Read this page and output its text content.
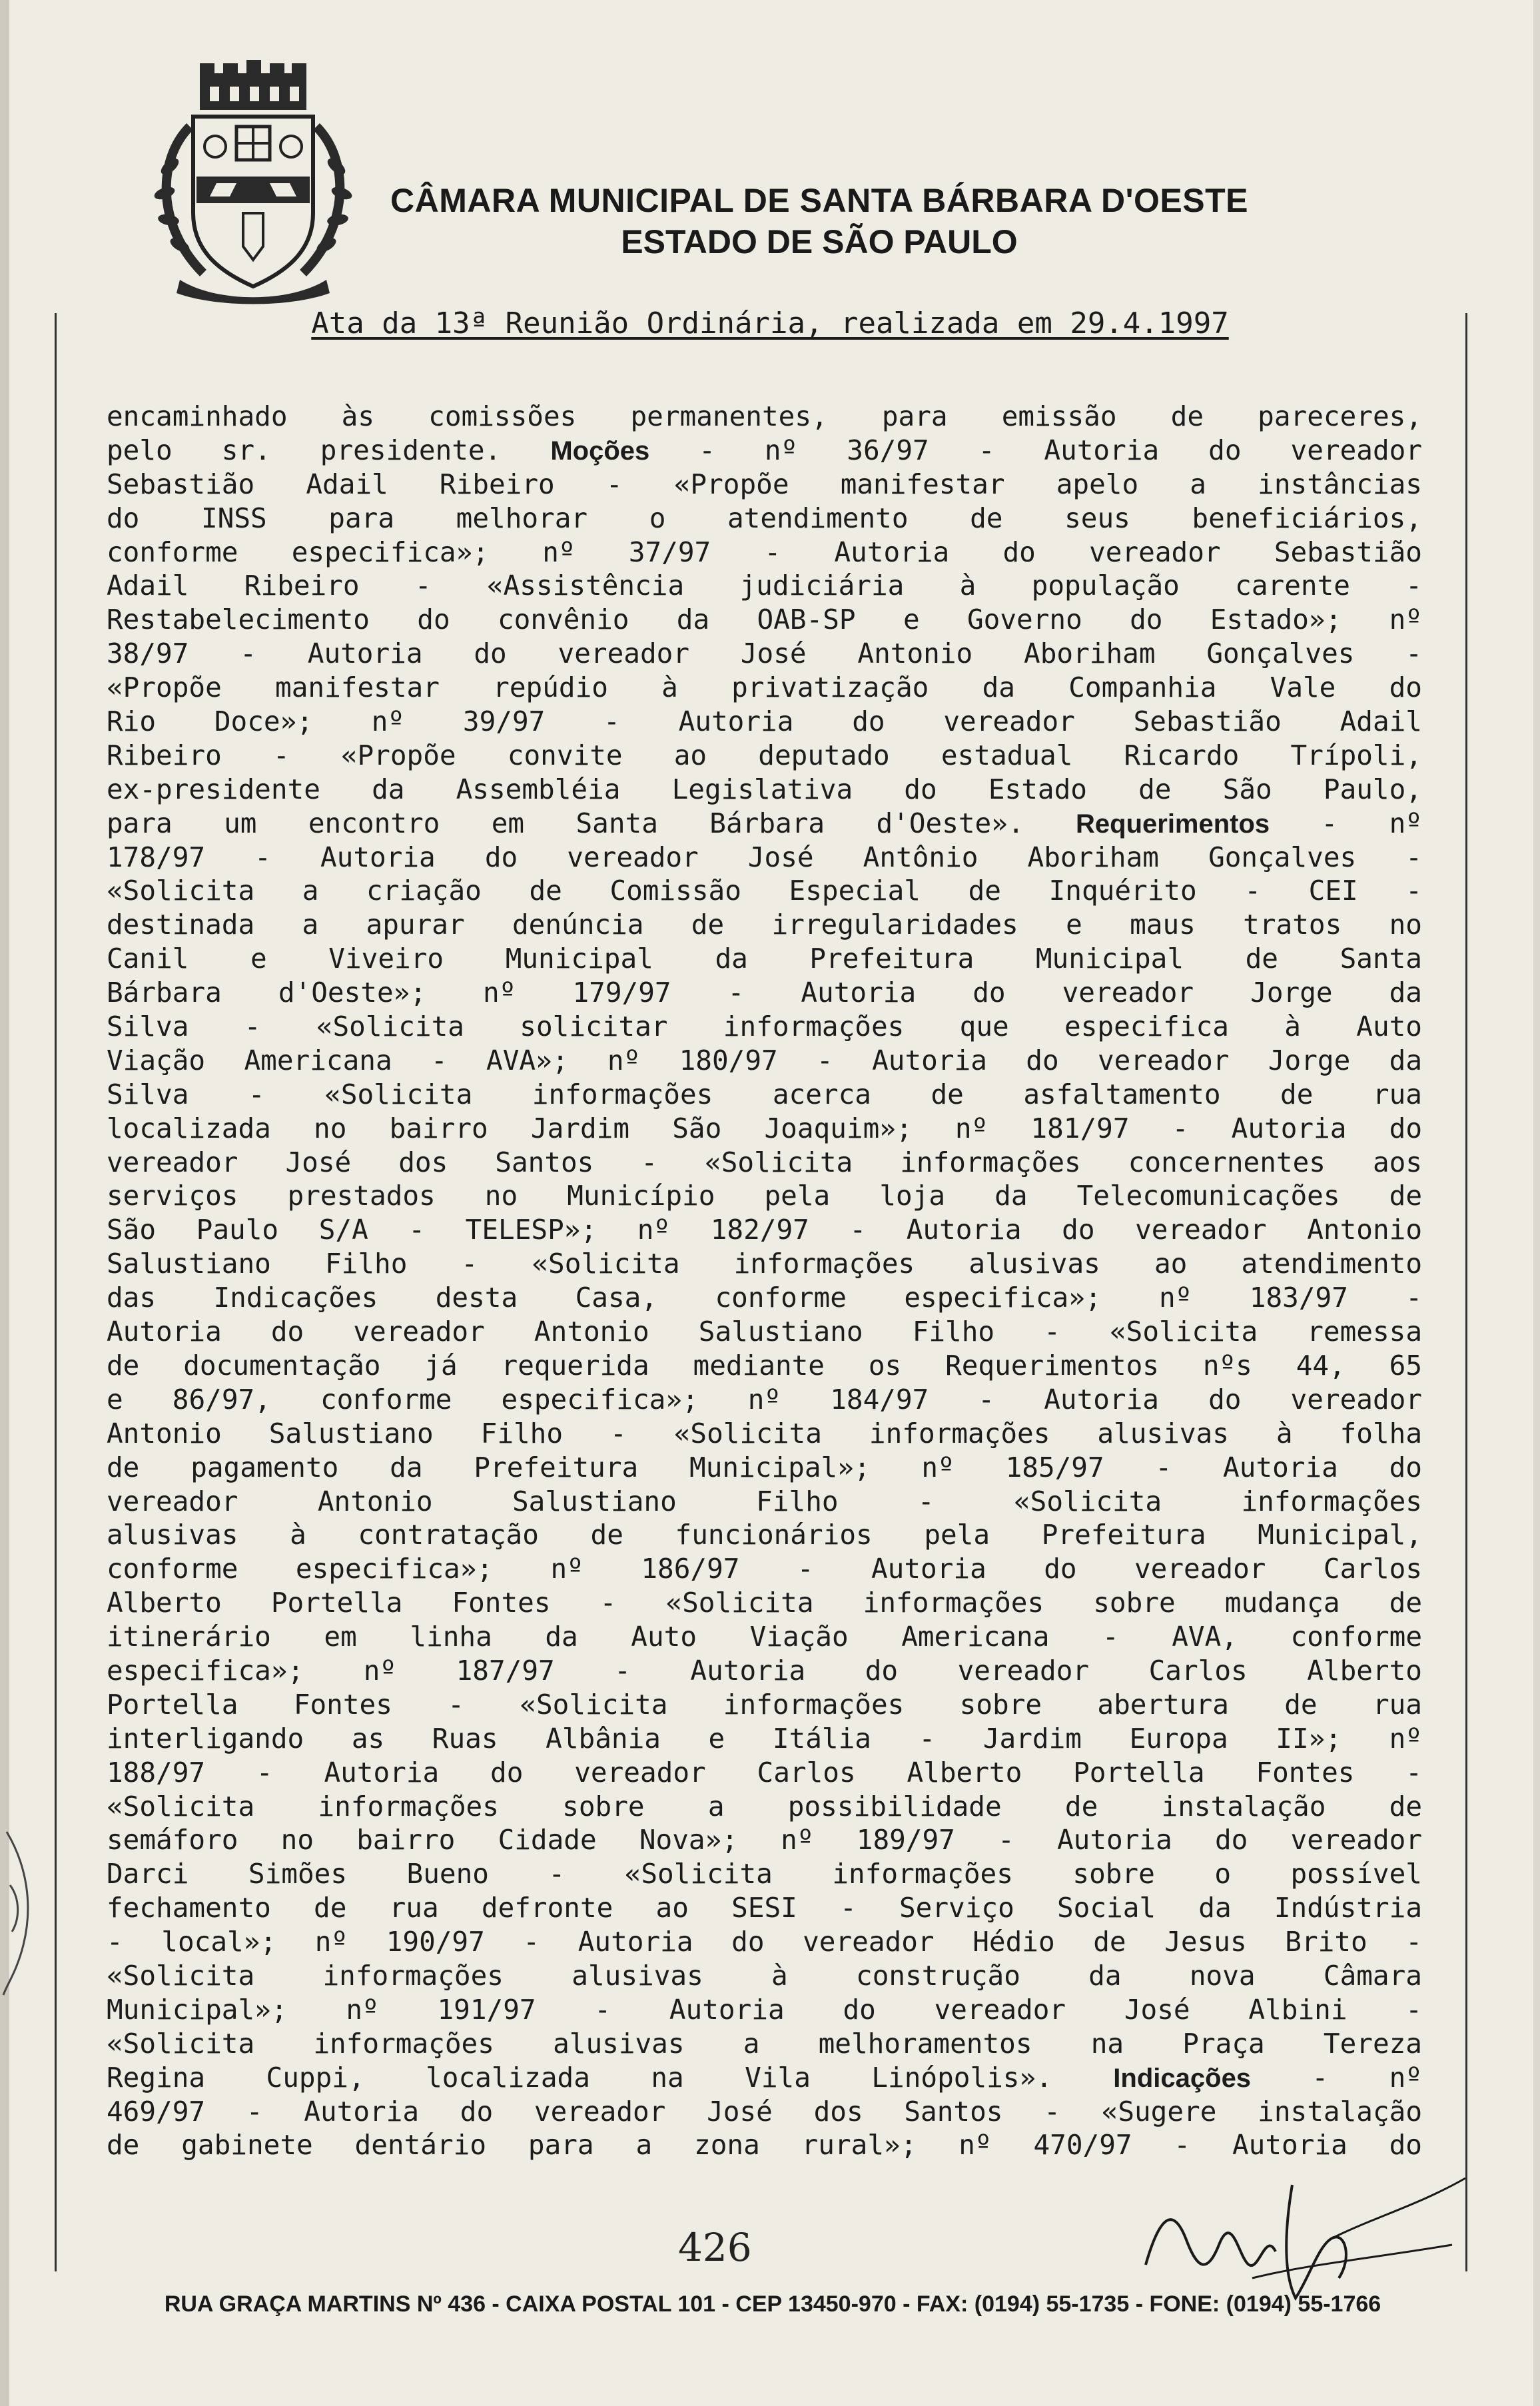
CÂMARA MUNICIPAL DE SANTA BÁRBARA D'OESTE
ESTADO DE SÃO PAULO
Ata da 13ª Reunião Ordinária, realizada em 29.4.1997
encaminhado às comissões permanentes, para emissão de pareceres,
pelo sr. presidente. Moções - nº 36/97 - Autoria do vereador
Sebastião Adail Ribeiro - «Propõe manifestar apelo a instâncias
do INSS para melhorar o atendimento de seus beneficiários,
conforme especifica»; nº 37/97 - Autoria do vereador Sebastião
Adail Ribeiro - «Assistência judiciária à população carente -
Restabelecimento do convênio da OAB-SP e Governo do Estado»; nº
38/97 - Autoria do vereador José Antonio Aboriham Gonçalves -
«Propõe manifestar repúdio à privatização da Companhia Vale do
Rio Doce»; nº 39/97 - Autoria do vereador Sebastião Adail
Ribeiro - «Propõe convite ao deputado estadual Ricardo Trípoli,
ex-presidente da Assembléia Legislativa do Estado de São Paulo,
para um encontro em Santa Bárbara d'Oeste». Requerimentos - nº
178/97 - Autoria do vereador José Antônio Aboriham Gonçalves -
«Solicita a criação de Comissão Especial de Inquérito - CEI -
destinada a apurar denúncia de irregularidades e maus tratos no
Canil e Viveiro Municipal da Prefeitura Municipal de Santa
Bárbara d'Oeste»; nº 179/97 - Autoria do vereador Jorge da
Silva - «Solicita solicitar informações que especifica à Auto
Viação Americana - AVA»; nº 180/97 - Autoria do vereador Jorge da
Silva - «Solicita informações acerca de asfaltamento de rua
localizada no bairro Jardim São Joaquim»; nº 181/97 - Autoria do
vereador José dos Santos - «Solicita informações concernentes aos
serviços prestados no Município pela loja da Telecomunicações de
São Paulo S/A - TELESP»; nº 182/97 - Autoria do vereador Antonio
Salustiano Filho - «Solicita informações alusivas ao atendimento
das Indicações desta Casa, conforme especifica»; nº 183/97 -
Autoria do vereador Antonio Salustiano Filho - «Solicita remessa
de documentação já requerida mediante os Requerimentos nºs 44, 65
e 86/97, conforme especifica»; nº 184/97 - Autoria do vereador
Antonio Salustiano Filho - «Solicita informações alusivas à folha
de pagamento da Prefeitura Municipal»; nº 185/97 - Autoria do
vereador Antonio Salustiano Filho - «Solicita informações
alusivas à contratação de funcionários pela Prefeitura Municipal,
conforme especifica»; nº 186/97 - Autoria do vereador Carlos
Alberto Portella Fontes - «Solicita informações sobre mudança de
itinerário em linha da Auto Viação Americana - AVA, conforme
especifica»; nº 187/97 - Autoria do vereador Carlos Alberto
Portella Fontes - «Solicita informações sobre abertura de rua
interligando as Ruas Albânia e Itália - Jardim Europa II»; nº
188/97 - Autoria do vereador Carlos Alberto Portella Fontes -
«Solicita informações sobre a possibilidade de instalação de
semáforo no bairro Cidade Nova»; nº 189/97 - Autoria do vereador
Darci Simões Bueno - «Solicita informações sobre o possível
fechamento de rua defronte ao SESI - Serviço Social da Indústria
- local»; nº 190/97 - Autoria do vereador Hédio de Jesus Brito -
«Solicita informações alusivas à construção da nova Câmara
Municipal»; nº 191/97 - Autoria do vereador José Albini -
«Solicita informações alusivas a melhoramentos na Praça Tereza
Regina Cuppi, localizada na Vila Linópolis». Indicações - nº
469/97 - Autoria do vereador José dos Santos - «Sugere instalação
de gabinete dentário para a zona rural»; nº 470/97 - Autoria do
426
RUA GRAÇA MARTINS Nº 436 - CAIXA POSTAL 101 - CEP 13450-970 - FAX: (0194) 55-1735 - FONE: (0194) 55-1766
